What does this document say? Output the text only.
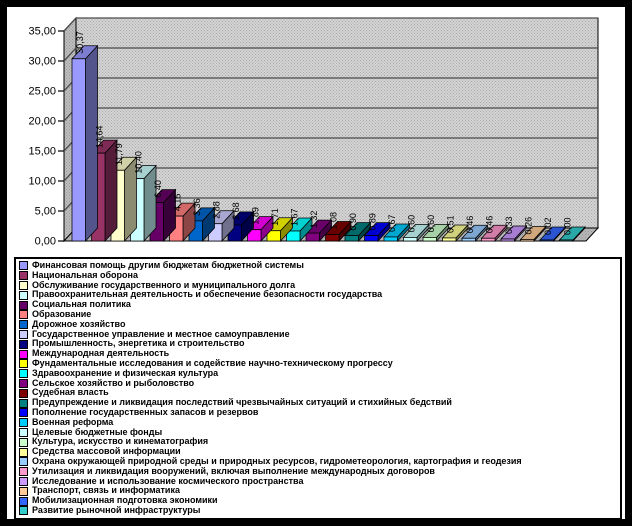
0,00
5,00
10,00
15,00
20,00
25,00
30,00
35,00 30,37
14,64
11,79 10,40
6,40
4,15 3,36 2,88 2,68 1,89 1,71 1,67 1,32 1,08 0,90 0,89 0,67 0,60 0,60 0,51 0,46 0,46 0,33 0,26 0,02 0,00
Финансовая помощь другим бюджетам бюджетной системы
Национальная оборона
Обслуживание государственного и муниципального долга
Правоохранительная деятельность и обеспечение безопасности государства
Социальная политика
Образование
Дорожное хозяйство
Государственное управление и местное самоуправление
Промышленность, энергетика и строительство
Международная деятельность
Фундаментальные исследования и содействие научно-техническому прогрессу
Здравоохранение и физическая культура
Сельское хозяйство и рыболовство
Судебная власть
Предупреждение и ликвидация последствий чрезвычайных ситуаций и стихийных бедствий
Пополнение государственных запасов и резервов
Военная реформа
Целевые бюджетные фонды
Культура, искусство и кинематография
Средства массовой информации
Охрана окружающей природной среды и природных ресурсов, гидрометеорология, картография и геодезия
Утилизация и ликвидация вооружений, включая выполнение международных договоров
Исследование и использование космического пространства
Транспорт, связь и информатика
Мобилизационная подготовка экономики
Развитие рыночной инфраструктуры
